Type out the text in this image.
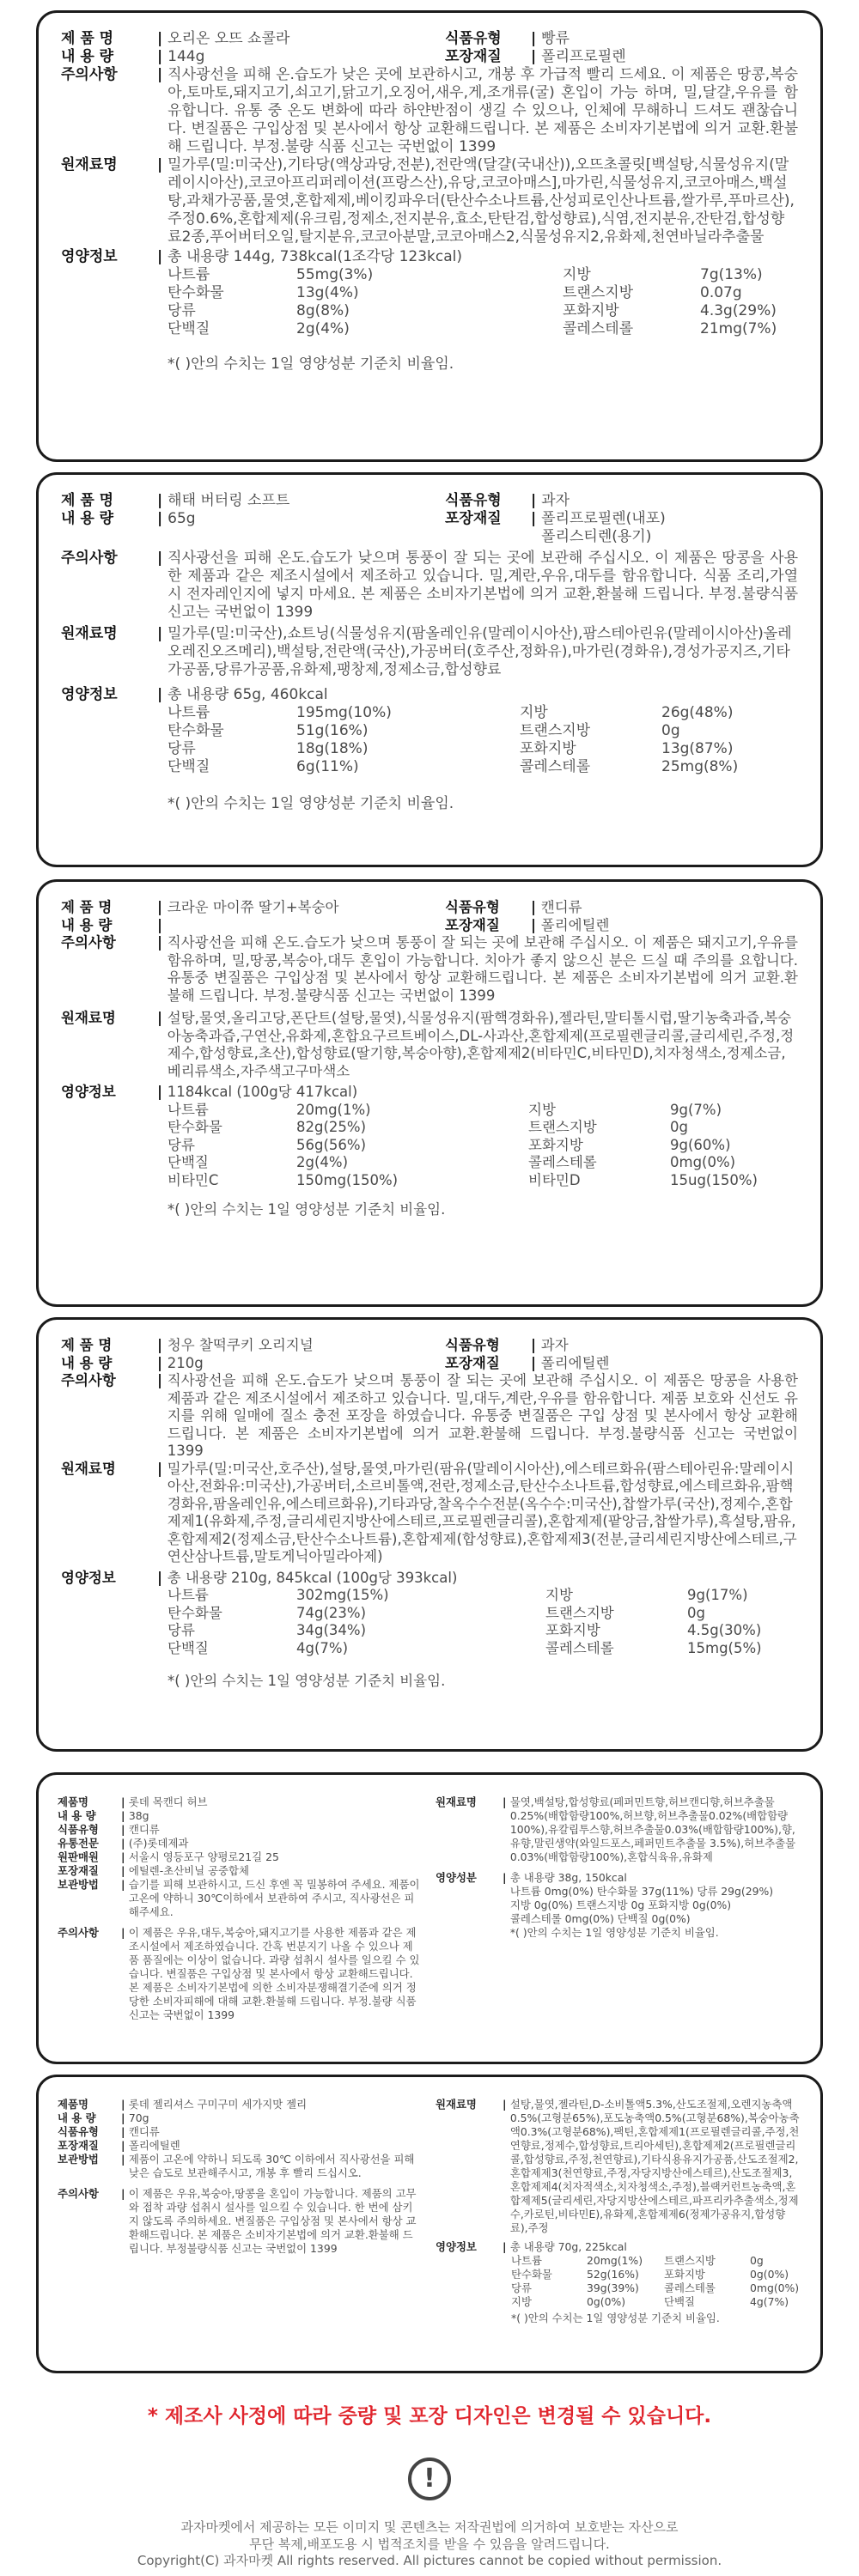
제 품 명	| 오리온 오뜨 쇼콜라	식품유형	| 빵류
내 용 량	| 144g	포장재질	| 폴리프로필렌
주의사항	| 직사광선을 피해 온.습도가 낮은 곳에 보관하시고, 개봉 후 가급적 빨리 드세요. 이 제품은 땅콩,복숭아,토마토,돼지고기,쇠고기,닭고기,오징어,새우,게,조개류(굴) 혼입이 가능 하며, 밀,달걀,우유를 함유합니다. 유통 중 온도 변화에 따라 하얀반점이 생길 수 있으나, 인체에 무해하니 드셔도 괜찮습니다. 변질품은 구입상점 및 본사에서 항상 교환해드립니다. 본 제품은 소비자기본법에 의거 교환.환불해 드립니다. 부정.불량 식품 신고는 국번없이 1399
원재료명	| 밀가루(밀:미국산),기타당(액상과당,전분),전란액(달걀(국내산)),오뜨초콜릿[백설탕,식물성유지(말레이시아산),코코아프리퍼레이션(프랑스산),유당,코코아매스],마가린,식물성유지,코코아매스,백설탕,과채가공품,물엿,혼합제제,베이킹파우더(탄산수소나트륨,산성피로인산나트륨,쌀가루,푸마르산),주정0.6%,혼합제제(유크림,정제소,전지분유,효소,탄탄검,합성향료),식염,전지분유,잔탄검,합성향료2종,푸어버터오일,탈지분유,코코아분말,코코아매스2,식물성유지2,유화제,천연바닐라추출물
영양정보	| 총 내용량 144g, 738kcal(1조각당 123kcal)
나트륨	55mg(3%)	지방	7g(13%)
탄수화물	13g(4%)	트랜스지방	0.07g
당류	8g(8%)	포화지방	4.3g(29%)
단백질	2g(4%)	콜레스테롤	21mg(7%)
*( )안의 수치는 1일 영양성분 기준치 비율임.
제 품 명	| 해태 버터링 소프트	식품유형	| 과자
내 용 량	| 65g	포장재질	| 폴리프로필렌(내포)
폴리스티렌(용기)
주의사항	| 직사광선을 피해 온도.습도가 낮으며 통풍이 잘 되는 곳에 보관해 주십시오. 이 제품은 땅콩을 사용한 제품과 같은 제조시설에서 제조하고 있습니다. 밀,계란,우유,대두를 함유합니다. 식품 조리,가열시 전자레인지에 넣지 마세요. 본 제품은 소비자기본법에 의거 교환,환불해 드립니다. 부정.불량식품 신고는 국번없이 1399
원재료명	| 밀가루(밀:미국산),쇼트닝(식물성유지(팜올레인유(말레이시아산),팜스테아린유(말레이시아산)올레오레진오즈메리),백설탕,전란액(국산),가공버터(호주산,정화유),마가린(경화유),경성가공지즈,기타가공품,당류가공품,유화제,팽창제,정제소금,합성향료
영양정보	| 총 내용량 65g, 460kcal
나트륨	195mg(10%)	지방	26g(48%)
탄수화물	51g(16%)	트랜스지방	0g
당류	18g(18%)	포화지방	13g(87%)
단백질	6g(11%)	콜레스테롤	25mg(8%)
*( )안의 수치는 1일 영양성분 기준치 비율임.
제 품 명	| 크라운 마이쮸 딸기+복숭아	식품유형	| 캔디류
내 용 량	|	포장재질	| 폴리에틸렌
주의사항	| 직사광선을 피해 온도.습도가 낮으며 통풍이 잘 되는 곳에 보관해 주십시오. 이 제품은 돼지고기,우유를 함유하며, 밀,땅콩,복숭아,대두 혼입이 가능합니다. 치아가 좋지 않으신 분은 드실 때 주의를 요합니다. 유통중 변질품은 구입상점 및 본사에서 항상 교환해드립니다. 본 제품은 소비자기본법에 의거 교환.환불해 드립니다. 부정.불량식품 신고는 국번없이 1399
원재료명	| 설탕,물엿,올리고당,폰단트(설탕,물엿),식물성유지(팜핵경화유),젤라틴,말티톨시럽,딸기농축과즙,복숭아농축과즙,구연산,유화제,혼합요구르트베이스,DL-사과산,혼합제제(프로필렌글리콜,글리세린,주정,정제수,합성향료,초산),합성향료(딸기향,복숭아향),혼합제제2(비타민C,비타민D),치자청색소,정제소금,베리류색소,자주색고구마색소
영양정보	| 1184kcal (100g당 417kcal)
나트륨	20mg(1%)	지방	9g(7%)
탄수화물	82g(25%)	트랜스지방	0g
당류	56g(56%)	포화지방	9g(60%)
단백질	2g(4%)	콜레스테롤	0mg(0%)
비타민C	150mg(150%)	비타민D	15ug(150%)
*( )안의 수치는 1일 영양성분 기준치 비율임.
제 품 명	| 청우 찰떡쿠키 오리지널	식품유형	| 과자
내 용 량	| 210g	포장재질	| 폴리에틸렌
주의사항	| 직사광선을 피해 온도.습도가 낮으며 통풍이 잘 되는 곳에 보관해 주십시오. 이 제품은 땅콩을 사용한 제품과 같은 제조시설에서 제조하고 있습니다. 밀,대두,계란,우유를 함유합니다. 제품 보호와 신선도 유지를 위해 일매에 질소 충전 포장을 하였습니다. 유통중 변질품은 구입 상점 및 본사에서 항상 교환해 드립니다. 본 제품은 소비자기본법에 의거 교환.환불해 드립니다. 부정.불량식품 신고는 국번없이 1399
원재료명	| 밀가루(밀:미국산,호주산),설탕,물엿,마가린(팜유(말레이시아산),에스테르화유(팜스테아린유:말레이시아산,전화유:미국산),가공버터,소르비톨액,전란,정제소금,탄산수소나트륨,합성향료,에스테르화유,팜핵경화유,팜올레인유,에스테르화유),기타과당,찰옥수수전분(옥수수:미국산),찹쌀가루(국산),정제수,혼합제제1(유화제,주정,글리세린지방산에스테르,프로필렌글리콜),혼합제제(팥앙금,찹쌀가루),흑설탕,팜유,혼합제제2(정제소금,탄산수소나트륨),혼합제제(합성향료),혼합제제3(전분,글리세린지방산에스테르,구연산삼나트륨,말토게닉아밀라아제)
영양정보	| 총 내용량 210g, 845kcal (100g당 393kcal)
나트륨	302mg(15%)	지방	9g(17%)
탄수화물	74g(23%)	트랜스지방	0g
당류	34g(34%)	포화지방	4.5g(30%)
단백질	4g(7%)	콜레스테롤	15mg(5%)
*( )안의 수치는 1일 영양성분 기준치 비율임.
제품명	| 롯데 목캔디 허브
내 용 량	| 38g
식품유형	| 캔디류
유통전문	| (주)롯데제과
원판매원	| 서울시 영등포구 양평로21길 25
포장재질	| 에틸렌-초산비닐 공중합체
보관방법	| 습기를 피해 보관하시고, 드신 후엔 꼭 밀봉하여 주세요. 제품이 고온에 약하니 30℃이하에서 보관하여 주시고, 직사광선은 피해주세요.
주의사항	| 이 제품은 우유,대두,복숭아,돼지고기를 사용한 제품과 같은 제조시설에서 제조하였습니다. 간혹 번분지기 나올 수 있으나 제품 품질에는 이상이 없습니다. 과량 섭취시 설사를 일으킬 수 있습니다. 변질품은 구입상점 및 본사에서 항상 교환해드립니다. 본 제품은 소비자기본법에 의한 소비자분쟁해결기준에 의거 정당한 소비자피해에 대해 교환.환불해 드립니다. 부정.불량 식품 신고는 국번없이 1399
원재료명	| 물엿,백설탕,합성향료(페퍼민트향,허브캔디향,허브추출물0.25%(배합함량100%,허브향,허브추출물0.02%(배합함량100%),유칼립투스향,허브추출물0.03%(배합함량100%),향,유향,말린생약(와일드포스,페퍼민트추출물 3.5%),허브추출물0.03%(배합함량100%),혼합식육유,유화제
영양성분	| 총 내용량 38g, 150kcal
나트륨 0mg(0%) 탄수화물 37g(11%) 당류 29g(29%)
지방 0g(0%) 트랜스지방 0g 포화지방 0g(0%)
콜레스테롤 0mg(0%) 단백질 0g(0%)
*( )안의 수치는 1일 영양성분 기준치 비율임.
제품명	| 롯데 젤리셔스 구미구미 세가지맛 젤리
내 용 량	| 70g
식품유형	| 캔디류
포장재질	| 폴리에틸렌
보관방법	| 제품이 고온에 약하니 되도록 30℃ 이하에서 직사광선을 피해 낮은 습도로 보관해주시고, 개봉 후 빨리 드십시오.
주의사항	| 이 제품은 우유,복숭아,땅콩을 혼입이 가능합니다. 제품의 고무와 접착 과량 섭취시 설사를 일으킬 수 있습니다. 한 번에 삼키지 않도록 주의하세요. 변질품은 구입상점 및 본사에서 항상 교환해드립니다. 본 제품은 소비자기본법에 의거 교환.환불해 드립니다. 부정불량식품 신고는 국번없이 1399
원재료명	| 설탕,물엿,젤라틴,D-소비톨액5.3%,산도조절제,오렌지농축액0.5%(고형분65%),포도농축액0.5%(고형분68%),복숭아농축액0.3%(고형분68%),팩틴,혼합제제1(프로필렌글리콜,주정,천연향료,정제수,합성향료,트리아세틴),혼합제제2(프로필렌글리콜,합성향료,주정,천연향료),기타식용유지가공품,산도조절제2,혼합제제3(천연향료,주정,자당지방산에스테르),산도조절제3,혼합제제4(치자적색소,치자청색소,주정),블랙커런트농축액,혼합제제5(글리세린,자당지방산에스테르,파프리카추출색소,정제수,카로틴,비타민E),유화제,혼합제제6(정제가공유지,합성향료),주정
영양정보	| 총 내용량 70g, 225kcal
나트륨	20mg(1%)	트랜스지방	0g
탄수화물	52g(16%)	포화지방	0g(0%)
당류	39g(39%)	콜레스테롤	0mg(0%)
지방	0g(0%)	단백질	4g(7%)
*( )안의 수치는 1일 영양성분 기준치 비율임.
* 제조사 사정에 따라 중량 및 포장 디자인은 변경될 수 있습니다.
!
과자마켓에서 제공하는 모든 이미지 및 콘텐츠는 저작권법에 의거하여 보호받는 자산으로
무단 복제,배포도용 시 법적조치를 받을 수 있음을 알려드립니다.
Copyright(C) 과자마켓 All rights reserved. All pictures cannot be copied without permission.
